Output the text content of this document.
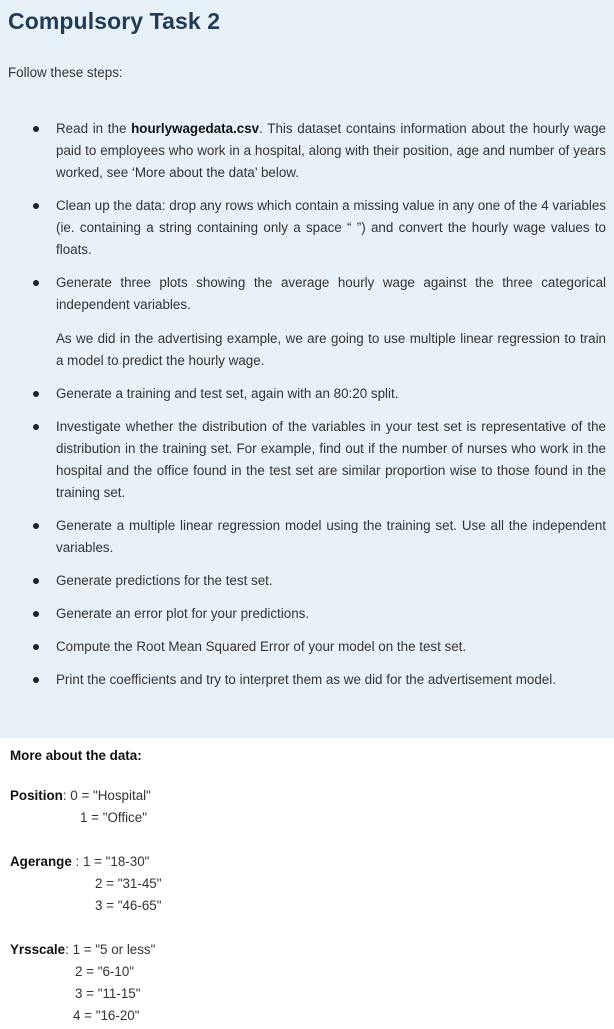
Compulsory Task 2
Follow these steps:

Read in the hourlywagedata.csv. This dataset contains information about the hourly wage paid to employees who work in a hospital, along with their position, age and number of years worked, see ‘More about the data’ below.

Clean up the data: drop any rows which contain a missing value in any one of the 4 variables (ie. containing a string containing only a space “ ”) and convert the hourly wage values to floats.

Generate three plots showing the average hourly wage against the three categorical independent variables.

As we did in the advertising example, we are going to use multiple linear regression to train a model to predict the hourly wage.

Generate a training and test set, again with an 80:20 split.

Investigate whether the distribution of the variables in your test set is representative of the distribution in the training set. For example, find out if the number of nurses who work in the hospital and the office found in the test set are similar proportion wise to those found in the training set.

Generate a multiple linear regression model using the training set. Use all the independent variables.

Generate predictions for the test set.

Generate an error plot for your predictions.

Compute the Root Mean Squared Error of your model on the test set.

Print the coefficients and try to interpret them as we did for the advertisement model.

More about the data:
Position: 0 = "Hospital"
1 = "Office"
Agerange : 1 = "18-30"
2 = "31-45"
3 = "46-65"
Yrsscale: 1 = "5 or less"
2 = "6-10"
3 = "11-15"
4 = "16-20"
